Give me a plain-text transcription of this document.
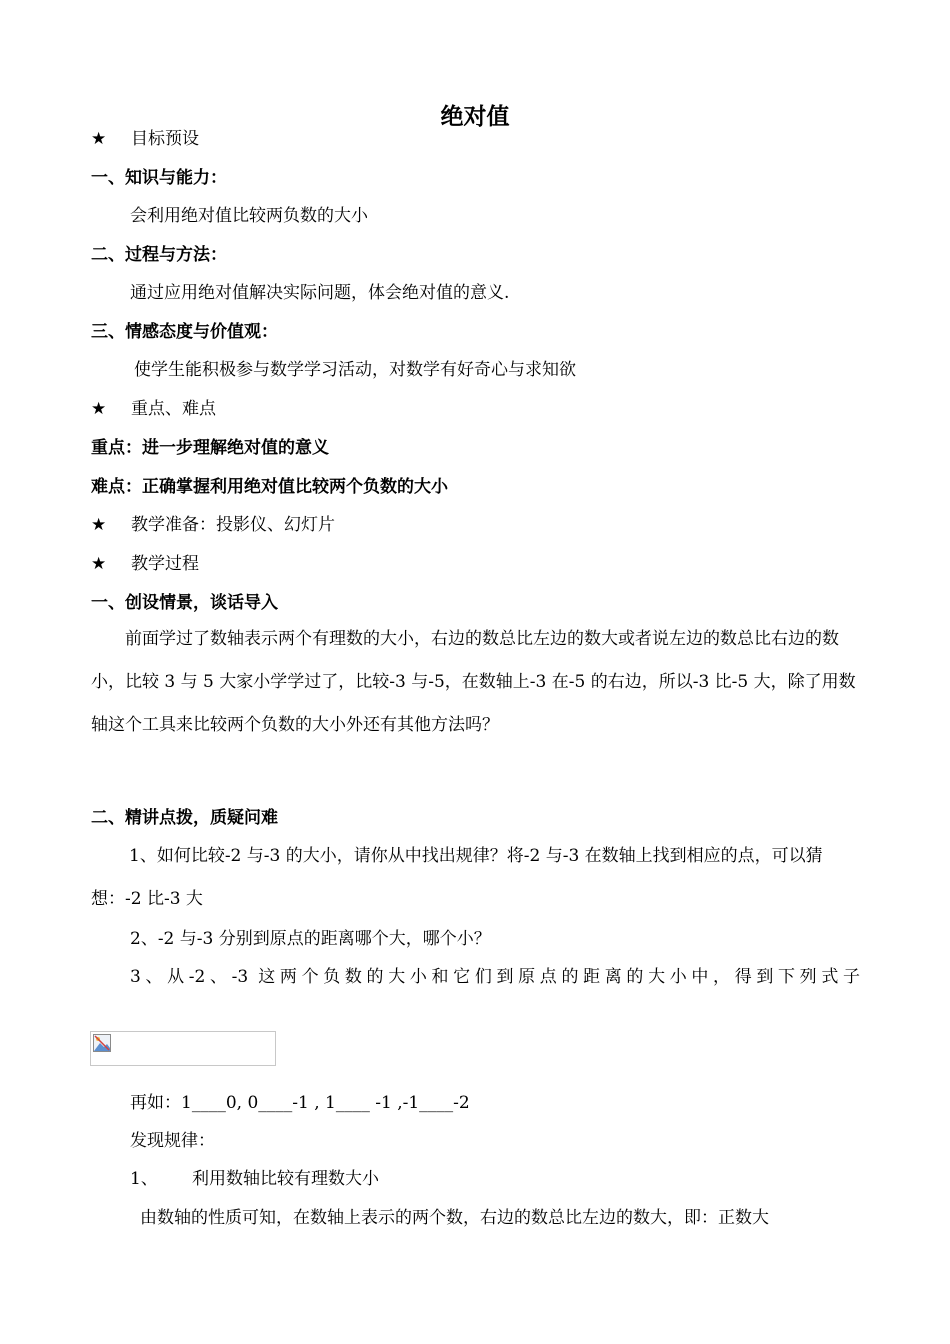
绝对值
★ 目标预设
一、知识与能力：
会利用绝对值比较两负数的大小
二、过程与方法：
通过应用绝对值解决实际问题，体会绝对值的意义.
三、情感态度与价值观：
使学生能积极参与数学学习活动，对数学有好奇心与求知欲
★ 重点、难点
重点：进一步理解绝对值的意义
难点：正确掌握利用绝对值比较两个负数的大小
★ 教学准备：投影仪、幻灯片
★ 教学过程
一、创设情景，谈话导入
前面学过了数轴表示两个有理数的大小，右边的数总比左边的数大或者说左边的数总比右边的数小，比较 3 与 5 大家小学学过了，比较-3 与-5，在数轴上-3 在-5 的右边，所以-3 比-5 大，除了用数轴这个工具来比较两个负数的大小外还有其他方法吗？
二、精讲点拨，质疑问难
1、如何比较-2 与-3 的大小，请你从中找出规律？将-2 与-3 在数轴上找到相应的点，可以猜想：-2 比-3 大
2、-2 与-3 分别到原点的距离哪个大，哪个小？
3、从-2、-3 这两个负数的大小和它们到原点的距离的大小中，得到下列式子
再如：1____0, 0____-1 , 1____ -1 ,-1____-2
发现规律：
1、 利用数轴比较有理数大小
由数轴的性质可知，在数轴上表示的两个数，右边的数总比左边的数大，即：正数大
